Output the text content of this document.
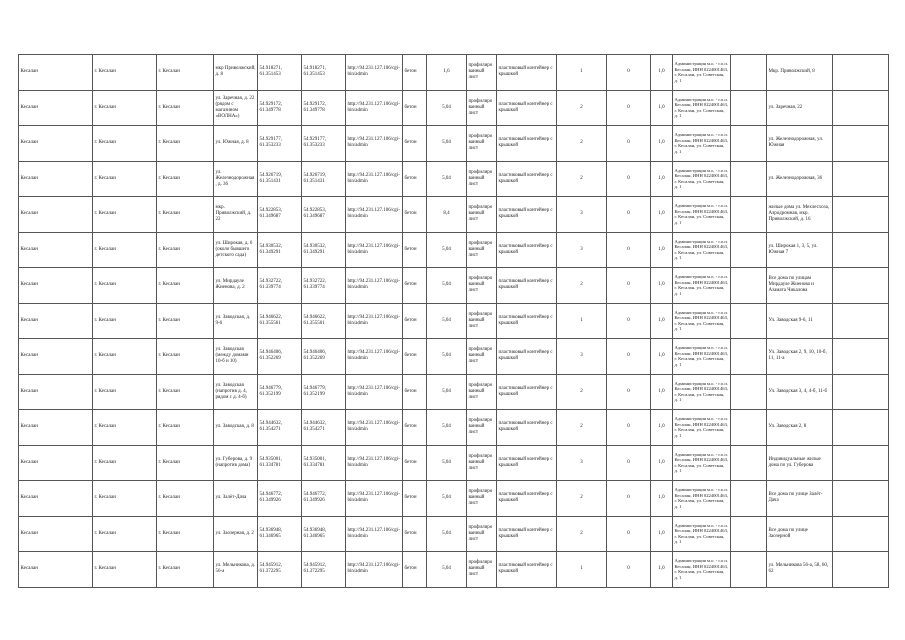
Кесалан	г. Кесалан	г. Кесалан	мкр Приволжский, д. 8	54.918271, 61.351453	54.918271, 61.351453	http://94.231.127.106/cgi-bin/admin	бетон	1,6	профилированный лист	пластиковый контейнер с крышкой	1	0	1,0	Администрация м.о. - г.о.п. Кесалан, ИНН 0224001463, г. Кесалан, ул. Советская, д. 1		Мкр. Приволжский, 8	
Кесалан	г. Кесалан	г. Кесалан	ул. Заречная, д. 22 (рядом с магазином «ВОЛНА»)	54.929172, 61.349778	54.929172, 61.349778	http://94.231.127.106/cgi-bin/admin	бетон	5,04	профилированный лист	пластиковый контейнер с крышкой	2	0	1,0	Администрация м.о. - г.о.п. Кесалан, ИНН 0224001463, г. Кесалан, ул. Советская, д. 1		ул. Заречная, 22	
Кесалан	г. Кесалан	г. Кесалан	ул. Южная, д. 8	54.929177, 61.353233	54.929177, 61.353233	http://94.231.127.106/cgi-bin/admin	бетон	5,04	профилированный лист	пластиковый контейнер с крышкой	2	0	1,0	Администрация м.о. - г.о.п. Кесалан, ИНН 0224001463, г. Кесалан, ул. Советская, д. 1		ул. Железнодорожная, ул. Южная	
Кесалан	г. Кесалан	г. Кесалан	ул. Железнодорожная, д. 36	54.926719, 61.351431	54.926719, 61.351431	http://94.231.127.106/cgi-bin/admin	бетон	5,04	профилированный лист	пластиковый контейнер с крышкой	2	0	1,0	Администрация м.о. - г.о.п. Кесалан, ИНН 0224001463, г. Кесалан, ул. Советская, д. 1		ул. Железнодорожная, 36	
Кесалан	г. Кесалан	г. Кесалан	мкр. Приволжский, д. 22	54.922853, 61.349687	54.922853, 61.349687	http://94.231.127.106/cgi-bin/admin	бетон	8,4	профилированный лист	пластиковый контейнер с крышкой	3	0	1,0	Администрация м.о. - г.о.п. Кесалан, ИНН 0224001463, г. Кесалан, ул. Советская, д. 1		жилые дома ул. Мехлесхоза, Аэродромная, мкр. Приволжский, д. 16	
Кесалан	г. Кесалан	г. Кесалан	ул. Широкая, д. 6 (около бывшего детского сада)	54.930532, 61.349291	54.930532, 61.349291	http://94.231.127.106/cgi-bin/admin	бетон	5,04	профилированный лист	пластиковый контейнер с крышкой	3	0	1,0	Администрация м.о. - г.о.п. Кесалан, ИНН 0224001463, г. Кесалан, ул. Советская, д. 1		ул. Широкая 1, 3, 5, ул. Южная 7	
Кесалан	г. Кесалан	г. Кесалан	ул. Мирдауле Жиенова, д. 2	54.932722, 61.339774	54.932722, 61.339774	http://94.231.127.106/cgi-bin/admin	бетон	5,04	профилированный лист	пластиковый контейнер с крышкой	2	0	1,0	Администрация м.о. - г.о.п. Кесалан, ИНН 0224001463, г. Кесалан, ул. Советская, д. 1		Все дома по улицам Мирдауле Жиенова и Азамата Чикалова	
Кесалан	г. Кесалан	г. Кесалан	ул. Заводская, д. 9-6	54.946622, 61.355561	54.946622, 61.355561	http://94.231.127.106/cgi-bin/admin	бетон	5,04	профилированный лист	пластиковый контейнер с крышкой	1	0	1,0	Администрация м.о. - г.о.п. Кесалан, ИНН 0224001463, г. Кесалан, ул. Советская, д. 1		Ул. Заводская 9-6, 11	
Кесалан	г. Кесалан	г. Кесалан	ул. Заводская (между домами 10-б и 10)	54.946406, 61.352269	54.946406, 61.352269	http://94.231.127.106/cgi-bin/admin	бетон	5,04	профилированный лист	пластиковый контейнер с крышкой	3	0	1,0	Администрация м.о. - г.о.п. Кесалан, ИНН 0224001463, г. Кесалан, ул. Советская, д. 1		Ул. Заводская 2, 9, 10, 10-б, 11, 11-а	
Кесалан	г. Кесалан	г. Кесалан	ул. Заводская (напротив д. 4, рядом с д. 4-б)	54.946779, 61.352199	54.946779, 61.352199	http://94.231.127.106/cgi-bin/admin	бетон	5,04	профилированный лист	пластиковый контейнер с крышкой	2	0	1,0	Администрация м.о. - г.о.п. Кесалан, ИНН 0224001463, г. Кесалан, ул. Советская, д. 1		Ул. Заводская 3, 4, 4-б, 11-б	
Кесалан	г. Кесалан	г. Кесалан	ул. Заводская, д. 8	54.944632, 61.354271	54.944632, 61.354271	http://94.231.127.106/cgi-bin/admin	бетон	5,04	профилированный лист	пластиковый контейнер с крышкой	2	0	1,0	Администрация м.о. - г.о.п. Кесалан, ИНН 0224001463, г. Кесалан, ул. Советская, д. 1		Ул. Заводская 2, 8	
Кесалан	г. Кесалан	г. Кесалан	ул. Губерова, д. 9 (напротив дома)	54.935001, 61.334781	54.935001, 61.334781	http://94.231.127.106/cgi-bin/admin	бетон	5,04	профилированный лист	пластиковый контейнер с крышкой	3	0	1,0	Администрация м.о. - г.о.п. Кесалан, ИНН 0224001463, г. Кесалан, ул. Советская, д. 1		Индивидуальные жилые дома по ул. Губерова	
Кесалан	г. Кесалан	г. Кесалан	ул. Залёт-Дача	54.946772, 61.349926	54.946772, 61.349926	http://94.231.127.106/cgi-bin/admin	бетон	5,04	профилированный лист	пластиковый контейнер с крышкой	2	0	1,0	Администрация м.о. - г.о.п. Кесалан, ИНН 0224001463, г. Кесалан, ул. Советская, д. 1		Все дома по улице Залёт-Дача	
Кесалан	г. Кесалан	г. Кесалан	ул. Заозерная, д. 2	54.936948, 61.346965	54.936948, 61.346965	http://94.231.127.106/cgi-bin/admin	бетон	5,04	профилированный лист	пластиковый контейнер с крышкой	2	0	1,0	Администрация м.о. - г.о.п. Кесалан, ИНН 0224001463, г. Кесалан, ул. Советская, д. 1		Все дома по улице Заозерной	
Кесалан	г. Кесалан	г. Кесалан	ул. Мельникова, д. 56-а	54.945912, 61.372295	54.945912, 61.372295	http://94.231.127.106/cgi-bin/admin	бетон	5,04	профилированный лист	пластиковый контейнер с крышкой	1	0	1,0	Администрация м.о. - г.о.п. Кесалан, ИНН 0224001463, г. Кесалан, ул. Советская, д. 1		ул. Мельникова 56-а, 58, 60, 62	
